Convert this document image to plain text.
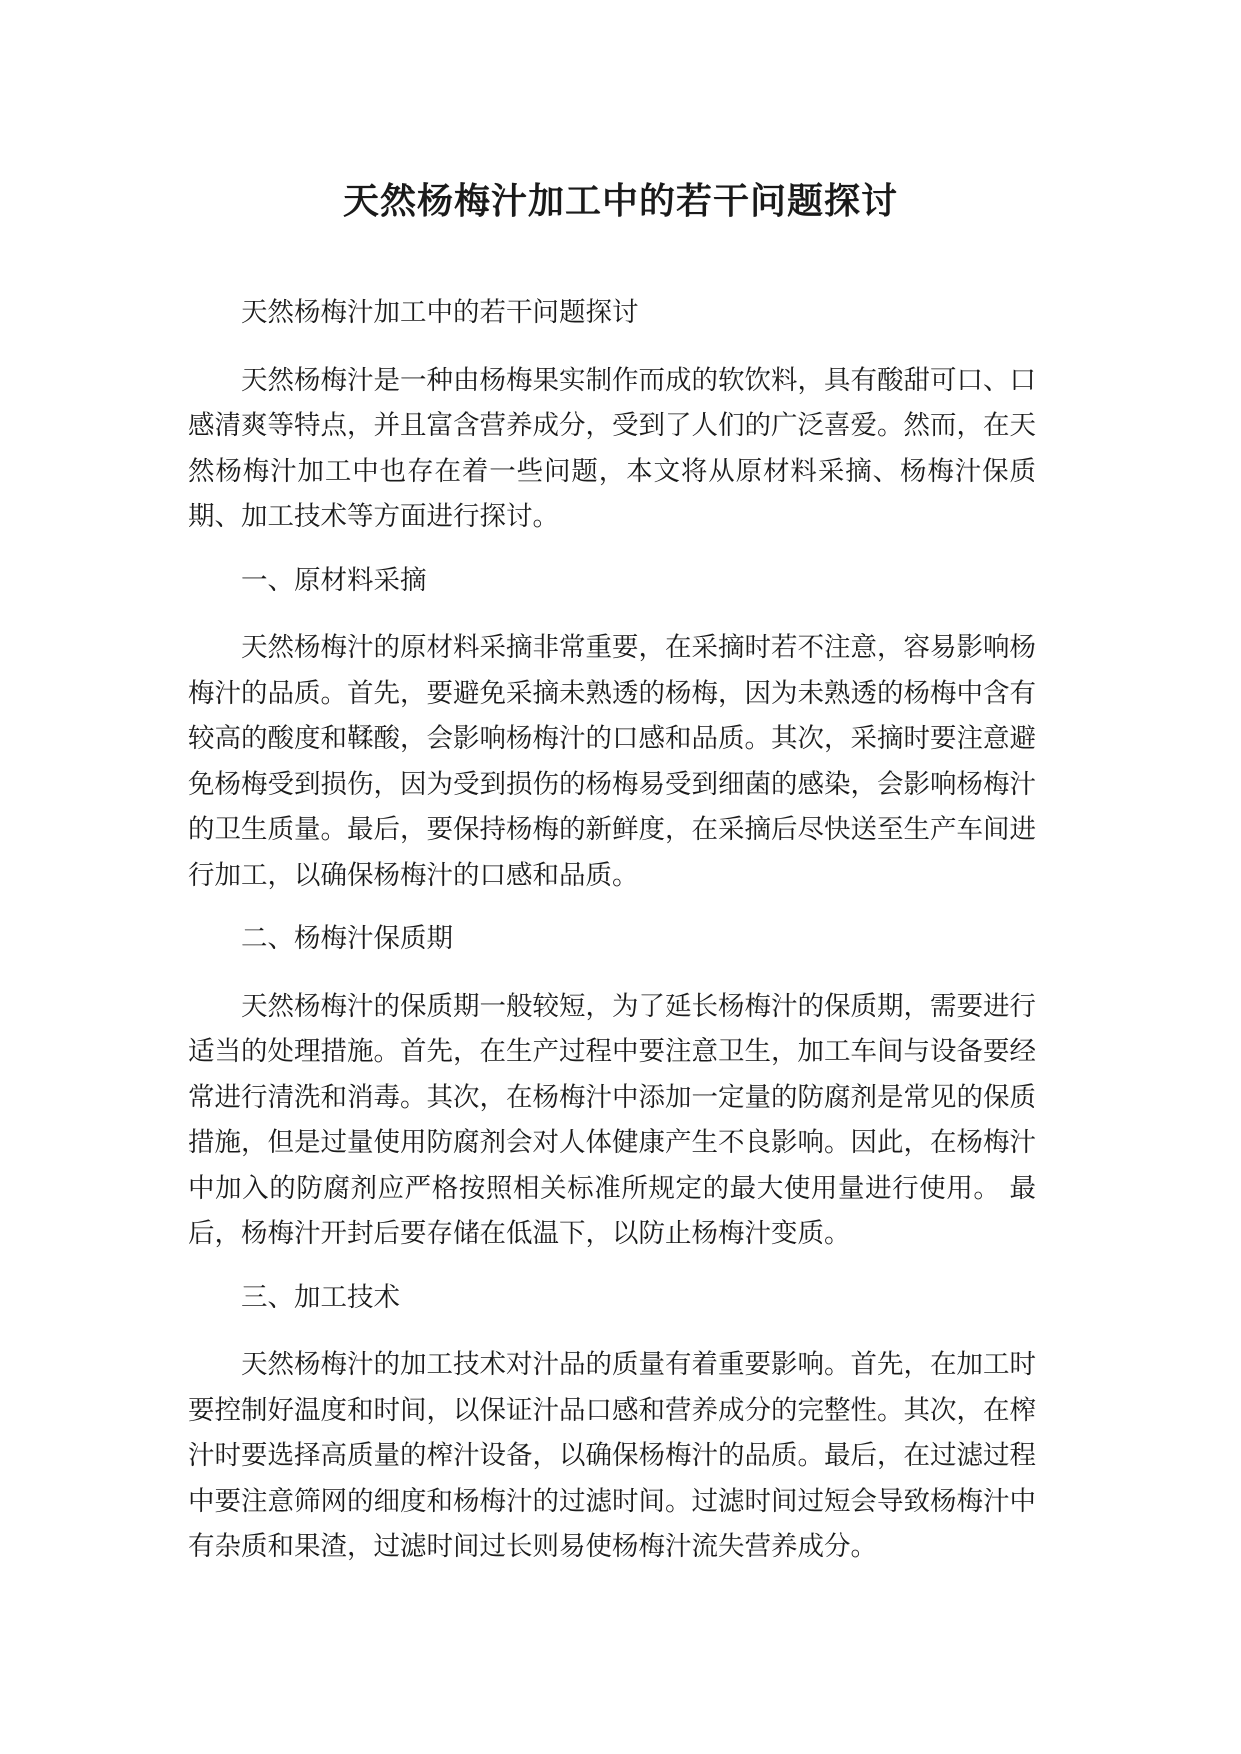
天然杨梅汁加工中的若干问题探讨

天然杨梅汁加工中的若干问题探讨

天然杨梅汁是一种由杨梅果实制作而成的软饮料，具有酸甜可口、口感清爽等特点，并且富含营养成分，受到了人们的广泛喜爱。然而，在天然杨梅汁加工中也存在着一些问题，本文将从原材料采摘、杨梅汁保质期、加工技术等方面进行探讨。

一、原材料采摘

天然杨梅汁的原材料采摘非常重要，在采摘时若不注意，容易影响杨梅汁的品质。首先，要避免采摘未熟透的杨梅，因为未熟透的杨梅中含有较高的酸度和鞣酸，会影响杨梅汁的口感和品质。其次，采摘时要注意避免杨梅受到损伤，因为受到损伤的杨梅易受到细菌的感染，会影响杨梅汁的卫生质量。最后，要保持杨梅的新鲜度，在采摘后尽快送至生产车间进行加工，以确保杨梅汁的口感和品质。

二、杨梅汁保质期

天然杨梅汁的保质期一般较短，为了延长杨梅汁的保质期，需要进行适当的处理措施。首先，在生产过程中要注意卫生，加工车间与设备要经常进行清洗和消毒。其次，在杨梅汁中添加一定量的防腐剂是常见的保质措施，但是过量使用防腐剂会对人体健康产生不良影响。因此，在杨梅汁中加入的防腐剂应严格按照相关标准所规定的最大使用量进行使用。 最后，杨梅汁开封后要存储在低温下，以防止杨梅汁变质。

三、加工技术

天然杨梅汁的加工技术对汁品的质量有着重要影响。首先，在加工时要控制好温度和时间，以保证汁品口感和营养成分的完整性。其次，在榨汁时要选择高质量的榨汁设备，以确保杨梅汁的品质。最后，在过滤过程中要注意筛网的细度和杨梅汁的过滤时间。过滤时间过短会导致杨梅汁中有杂质和果渣，过滤时间过长则易使杨梅汁流失营养成分。
